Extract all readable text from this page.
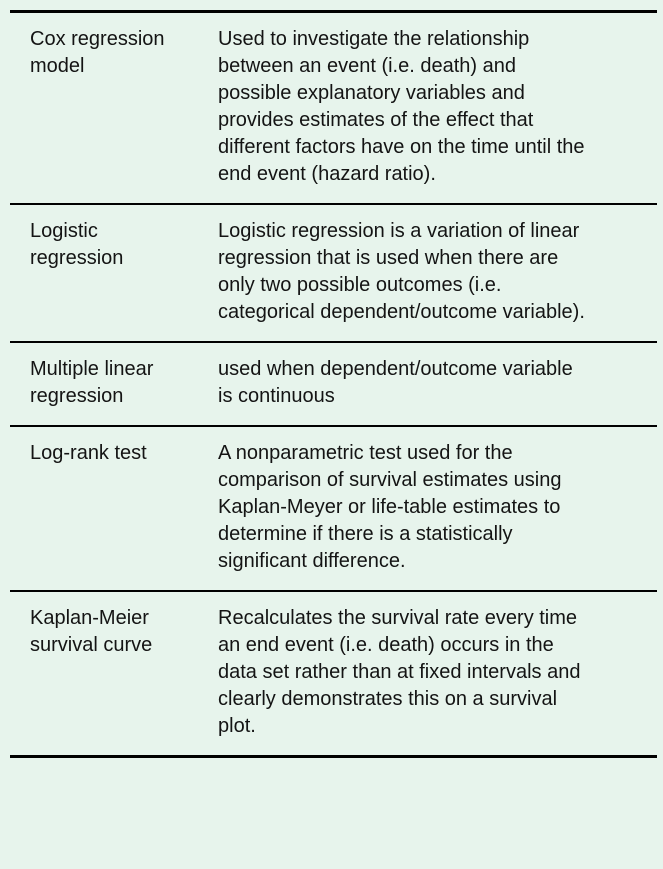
Cox regression model
Used to investigate the relationship between an event (i.e. death) and possible explanatory variables and provides estimates of the effect that different factors have on the time until the end event (hazard ratio).
Logistic regression
Logistic regression is a variation of linear regression that is used when there are only two possible outcomes (i.e. categorical dependent/outcome variable).
Multiple linear regression
used when dependent/outcome variable is continuous
Log-rank test	A nonparametric test used for the comparison of survival estimates using Kaplan-Meyer or life-table estimates to determine if there is a statistically significant difference.
Kaplan-Meier survival curve
Recalculates the survival rate every time an end event (i.e. death) occurs in the data set rather than at fixed intervals and clearly demonstrates this on a survival plot.
